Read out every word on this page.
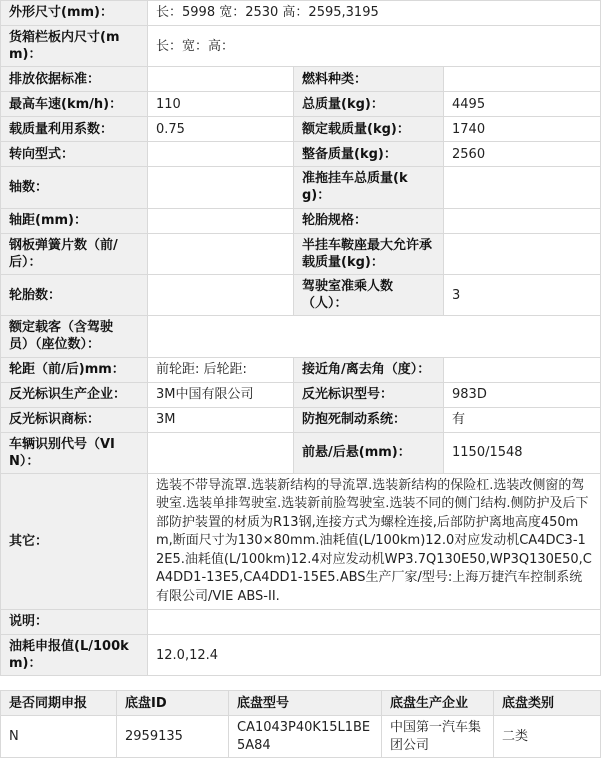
外形尺寸(mm)：	长：5998 宽：2530 高：2595,3195		
货箱栏板内尺寸(mm)：	长：宽：高：		
排放依据标准：		燃料种类：	
最高车速(km/h)：	110	总质量(kg)：	4495
载质量利用系数：	0.75	额定载质量(kg)：	1740
转向型式：		整备质量(kg)：	2560
轴数：		准拖挂车总质量(kg)：	
轴距(mm)：		轮胎规格：	
钢板弹簧片数（前/后）：		半挂车鞍座最大允许承载质量(kg)：	
轮胎数：		驾驶室准乘人数（人）：	3
额定载客（含驾驶员）（座位数）：			
轮距（前/后)mm：	前轮距: 后轮距:	接近角/离去角（度）：	
反光标识生产企业：	3M中国有限公司	反光标识型号：	983D
反光标识商标：	3M	防抱死制动系统：	有
车辆识别代号（VIN）：		前悬/后悬(mm)：	1150/1548
其它：	选装不带导流罩.选装新结构的导流罩.选装新结构的保险杠.选装改侧窗的驾驶室.选装单排驾驶室.选装新前脸驾驶室.选装不同的侧门结构.侧防护及后下部防护装置的材质为R13钢,连接方式为螺栓连接,后部防护离地高度450mm,断面尺寸为130×80mm.油耗值(L/100km)12.0对应发动机CA4DC3-12E5.油耗值(L/100km)12.4对应发动机WP3.7Q130E50,WP3Q130E50,CA4DD1-13E5,CA4DD1-15E5.ABS生产厂家/型号:上海万捷汽车控制系统有限公司/VIE ABS-II.		
说明：			
油耗申报值(L/100km)：	12.0,12.4		
是否同期申报	底盘ID	底盘型号	底盘生产企业	底盘类别
N	2959135	CA1043P40K15L1BE5A84	中国第一汽车集团公司	二类
